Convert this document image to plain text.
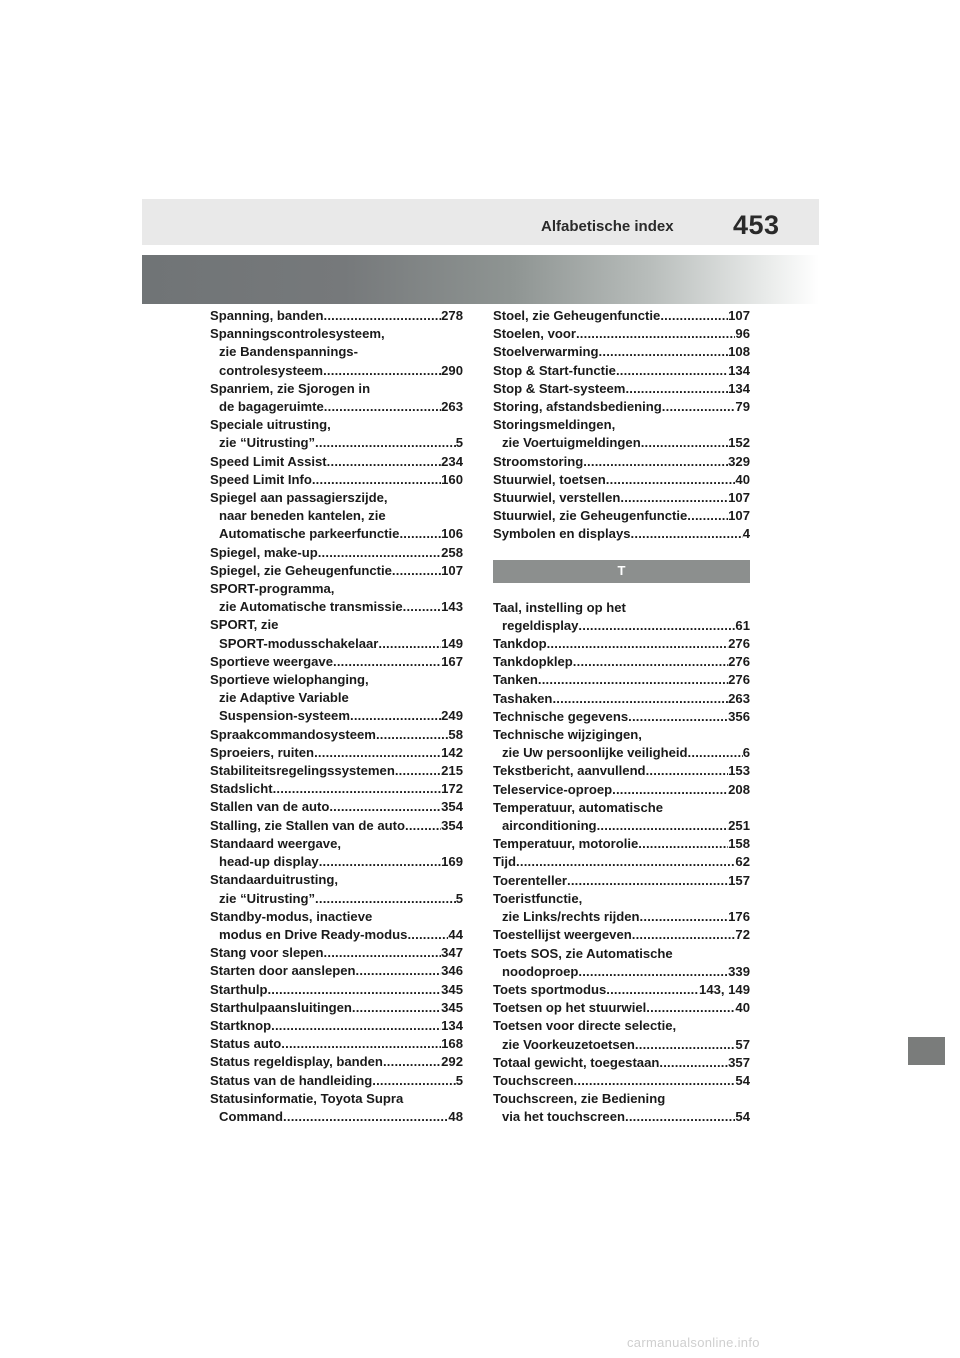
Alfabetische index 453
Spanning, banden .....	278
Spanningscontrolesysteem,
zie Bandenspannings-
controlesysteem .....	290
Spanriem, zie Sjorogen in
de bagageruimte .....	263
Speciale uitrusting,
zie “Uitrusting” .....	5
Speed Limit Assist .....	234
Speed Limit Info .....	160
Spiegel aan passagierszijde,
naar beneden kantelen, zie
Automatische parkeerfunctie .....	106
Spiegel, make-up .....	258
Spiegel, zie Geheugenfunctie .....	107
SPORT-programma,
zie Automatische transmissie .....	143
SPORT, zie
SPORT-modusschakelaar .....	149
Sportieve weergave .....	167
Sportieve wielophanging,
zie Adaptive Variable
Suspension-systeem .....	249
Spraakcommandosysteem .....	58
Sproeiers, ruiten .....	142
Stabiliteitsregelingssystemen .....	215
Stadslicht .....	172
Stallen van de auto .....	354
Stalling, zie Stallen van de auto .....	354
Standaard weergave,
head-up display .....	169
Standaarduitrusting,
zie “Uitrusting” .....	5
Standby-modus, inactieve
modus en Drive Ready-modus .....	44
Stang voor slepen .....	347
Starten door aanslepen .....	346
Starthulp .....	345
Starthulpaansluitingen .....	345
Startknop .....	134
Status auto .....	168
Status regeldisplay, banden .....	292
Status van de handleiding .....	5
Statusinformatie, Toyota Supra
Command .....	48
Stoel, zie Geheugenfunctie .....	107
Stoelen, voor .....	96
Stoelverwarming .....	108
Stop & Start-functie .....	134
Stop & Start-systeem .....	134
Storing, afstandsbediening .....	79
Storingsmeldingen,
zie Voertuigmeldingen .....	152
Stroomstoring .....	329
Stuurwiel, toetsen .....	40
Stuurwiel, verstellen .....	107
Stuurwiel, zie Geheugenfunctie .....	107
Symbolen en displays .....	4
T
Taal, instelling op het
regeldisplay .....	61
Tankdop .....	276
Tankdopklep .....	276
Tanken .....	276
Tashaken .....	263
Technische gegevens .....	356
Technische wijzigingen,
zie Uw persoonlijke veiligheid .....	6
Tekstbericht, aanvullend .....	153
Teleservice-oproep .....	208
Temperatuur, automatische
airconditioning .....	251
Temperatuur, motorolie .....	158
Tijd .....	62
Toerenteller .....	157
Toeristfunctie,
zie Links/rechts rijden .....	176
Toestellijst weergeven .....	72
Toets SOS, zie Automatische
noodoproep .....	339
Toets sportmodus .....	143, 149
Toetsen op het stuurwiel .....	40
Toetsen voor directe selectie,
zie Voorkeuzetoetsen .....	57
Totaal gewicht, toegestaan .....	357
Touchscreen .....	54
Touchscreen, zie Bediening
via het touchscreen .....	54
carmanualsonline.info
